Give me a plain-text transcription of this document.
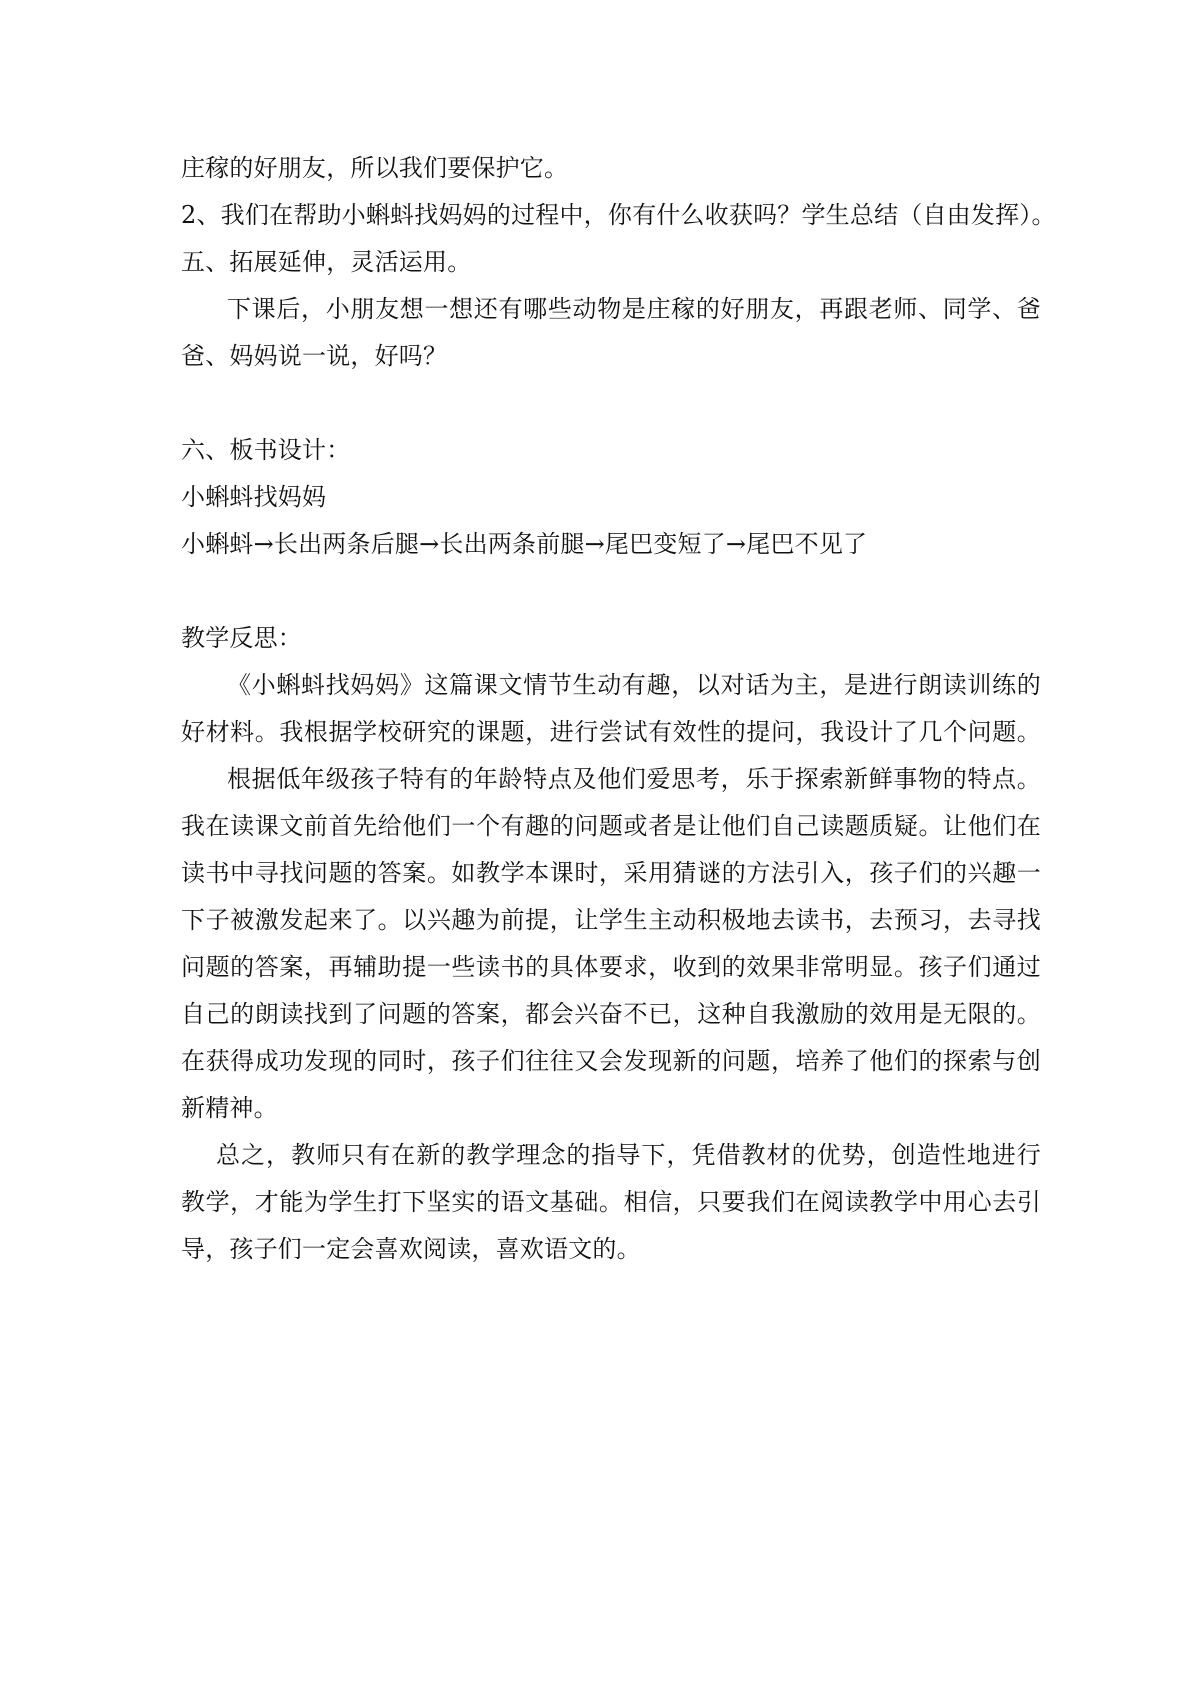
庄稼的好朋友，所以我们要保护它。
2、我们在帮助小蝌蚪找妈妈的过程中，你有什么收获吗？学生总结（自由发挥）。
五、拓展延伸，灵活运用。
下课后，小朋友想一想还有哪些动物是庄稼的好朋友，再跟老师、同学、爸
爸、妈妈说一说，好吗？
六、板书设计：
小蝌蚪找妈妈
小蝌蚪→长出两条后腿→长出两条前腿→尾巴变短了→尾巴不见了
教学反思：
《小蝌蚪找妈妈》这篇课文情节生动有趣，以对话为主，是进行朗读训练的
好材料。我根据学校研究的课题，进行尝试有效性的提问，我设计了几个问题。
根据低年级孩子特有的年龄特点及他们爱思考，乐于探索新鲜事物的特点。
我在读课文前首先给他们一个有趣的问题或者是让他们自己读题质疑。让他们在
读书中寻找问题的答案。如教学本课时，采用猜谜的方法引入，孩子们的兴趣一
下子被激发起来了。以兴趣为前提，让学生主动积极地去读书，去预习，去寻找
问题的答案，再辅助提一些读书的具体要求，收到的效果非常明显。孩子们通过
自己的朗读找到了问题的答案，都会兴奋不已，这种自我激励的效用是无限的。
在获得成功发现的同时，孩子们往往又会发现新的问题，培养了他们的探索与创
新精神。
总之，教师只有在新的教学理念的指导下，凭借教材的优势，创造性地进行
教学，才能为学生打下坚实的语文基础。相信，只要我们在阅读教学中用心去引
导，孩子们一定会喜欢阅读，喜欢语文的。
